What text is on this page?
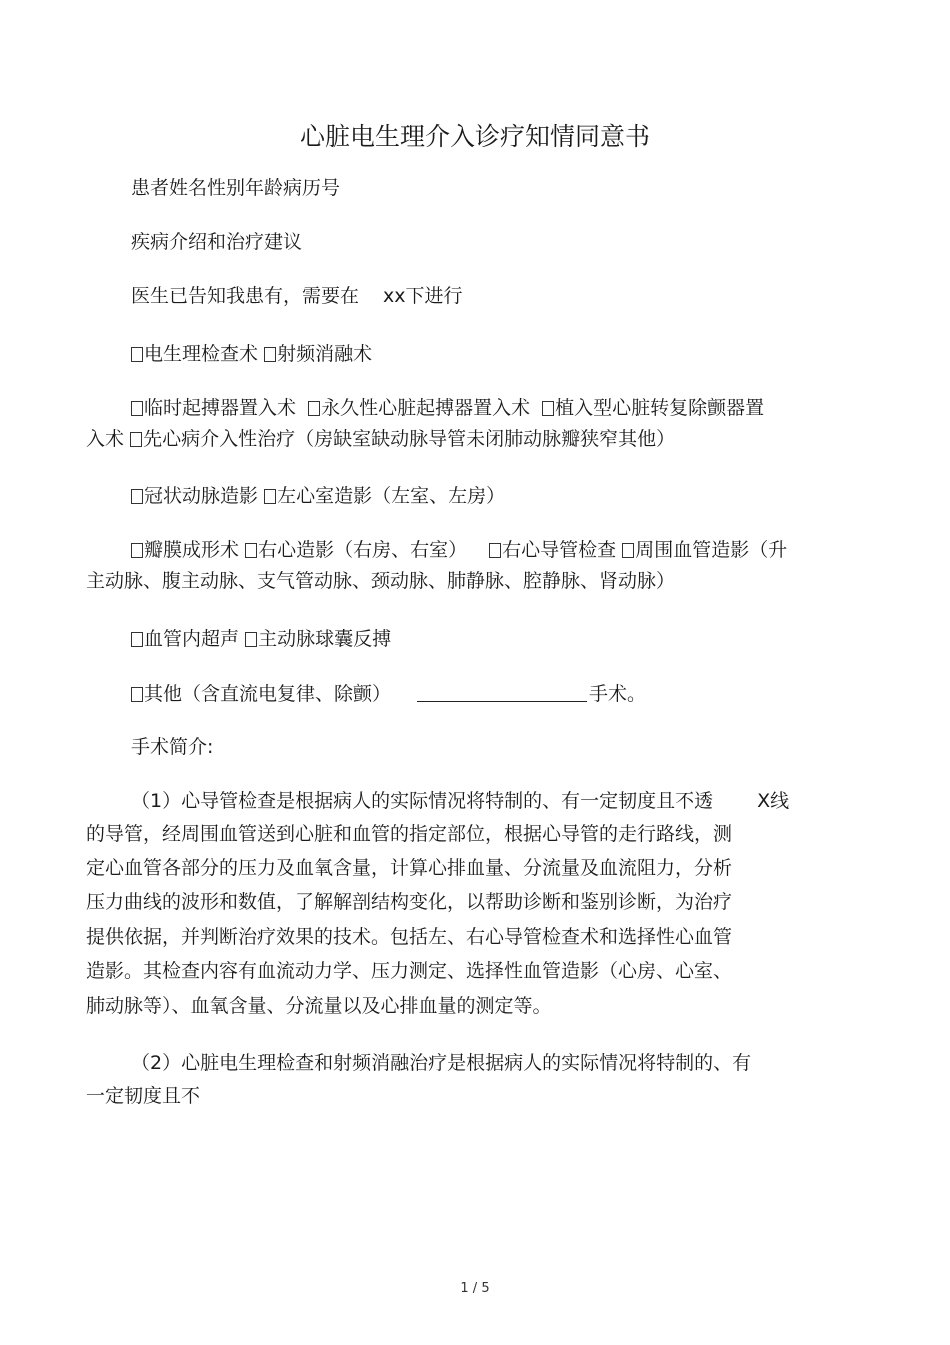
心脏电生理介入诊疗知情同意书
患者姓名性别年龄病历号
疾病介绍和治疗建议
医生已告知我患有，需要在 xx下进行
电生理检查术 射频消融术
临时起搏器置入术 永久性心脏起搏器置入术 植入型心脏转复除颤器置
入术 先心病介入性治疗（房缺室缺动脉导管未闭肺动脉瓣狭窄其他）
冠状动脉造影 左心室造影（左室、左房）
瓣膜成形术 右心造影（右房、右室） 右心导管检查 周围血管造影（升
主动脉、腹主动脉、支气管动脉、颈动脉、肺静脉、腔静脉、肾动脉）
血管内超声 主动脉球囊反搏
其他（含直流电复律、除颤）	手术。
手术简介:
（1）心导管检查是根据病人的实际情况将特制的、有一定韧度且不透 X线
的导管，经周围血管送到心脏和血管的指定部位，根据心导管的走行路线，测
定心血管各部分的压力及血氧含量，计算心排血量、分流量及血流阻力，分析
压力曲线的波形和数值，了解解剖结构变化，以帮助诊断和鉴别诊断，为治疗
提供依据，并判断治疗效果的技术。包括左、右心导管检查术和选择性心血管
造影。其检查内容有血流动力学、压力测定、选择性血管造影（心房、心室、
肺动脉等）、血氧含量、分流量以及心排血量的测定等。
（2）心脏电生理检查和射频消融治疗是根据病人的实际情况将特制的、有
一定韧度且不
1 / 5
